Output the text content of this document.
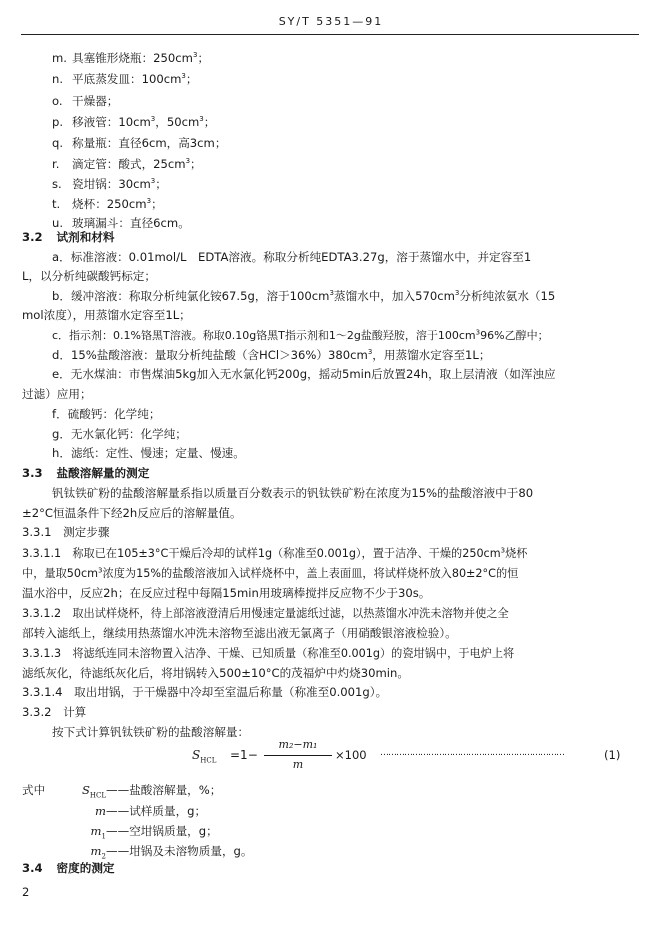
SY/T 5351—91
m. 具塞锥形烧瓶：$250cm^3$；
n. 平底蒸发皿：$100cm^3$；
o. 干燥器；
p. 移液管：$10cm^3$，$50cm^3$；
q. 称量瓶：直径6cm，高3cm；
r. 滴定管：酸式，$25cm^3$；
s. 瓷坩锅：$30cm^3$；
t. 烧杯：$250cm^3$；
u. 玻璃漏斗：直径6cm。
3.2 试剂和材料
a．标准溶液：0.01mol/L　EDTA溶液。称取分析纯EDTA3.27g，溶于蒸馏水中，并定容至1
L，以分析纯碳酸钙标定；
b．缓冲溶液：称取分析纯氯化铵67.5g，溶于$100cm^3$蒸馏水中，加入$570cm^3$分析纯浓氨水（15
mol浓度），用蒸馏水定容至1L；
c．指示剂：0.1%铬黑T溶液。称取0.10g铬黑T指示剂和1～2g盐酸羟胺，溶于$100cm^396\%$乙醇中；
d．15%盐酸溶液：量取分析纯盐酸（含$HCl>36\%)380cm^3$，用蒸馏水定容至1L；
e．无水煤油：市售煤油5kg加入无水氯化钙200g，摇动5min后放置24h，取上层清液（如浑浊应
过滤）应用；
f．硫酸钙：化学纯；
g．无水氯化钙：化学纯；
h．滤纸：定性、慢速；定量、慢速。
3.3 盐酸溶解量的测定
钒钛铁矿粉的盐酸溶解量系指以质量百分数表示的钒钛铁矿粉在浓度为15%的盐酸溶液中于80
±2°C恒温条件下经2h反应后的溶解量值。
3.3.1　测定步骤
3.3.1.1　称取已在105±3°C干燥后冷却的试样1g（称准至0.001g），置于洁净、干燥的$250cm^3$烧杯
中，量取$50cm^3$浓度为15%的盐酸溶液加入试样烧杯中，盖上表面皿，将试样烧杯放入80±2°C的恒
温水浴中，反应2h；在反应过程中每隔15min用玻璃棒搅拌反应物不少于30s。
3.3.1.2　取出试样烧杯，待上部溶液澄清后用慢速定量滤纸过滤，以热蒸馏水冲洗未溶物并使之全
部转入滤纸上，继续用热蒸馏水冲洗未溶物至滤出液无氯离子（用硝酸银溶液检验）。
3.3.1.3　将滤纸连同未溶物置入洁净、干燥、已知质量（称准至0.001g）的瓷坩锅中，于电炉上将
滤纸灰化，待滤纸灰化后，将坩锅转入500±10°C的茂福炉中灼烧30min。
3.3.1.4　取出坩锅，于干燥器中冷却至室温后称量（称准至0.001g）。
3.3.2　计算
按下式计算钒钛铁矿粉的盐酸溶解量：
$S_{HCL} =1-$
m₂−m₁
m
×100 ……………………………………………………………	(1)
式中	$S_{HCL}——$盐酸溶解量，%；
m——试样质量，g；
$m_1——$空坩锅质量，g；
$m_2——$坩锅及未溶物质量，g。
3.4 密度的测定
2
